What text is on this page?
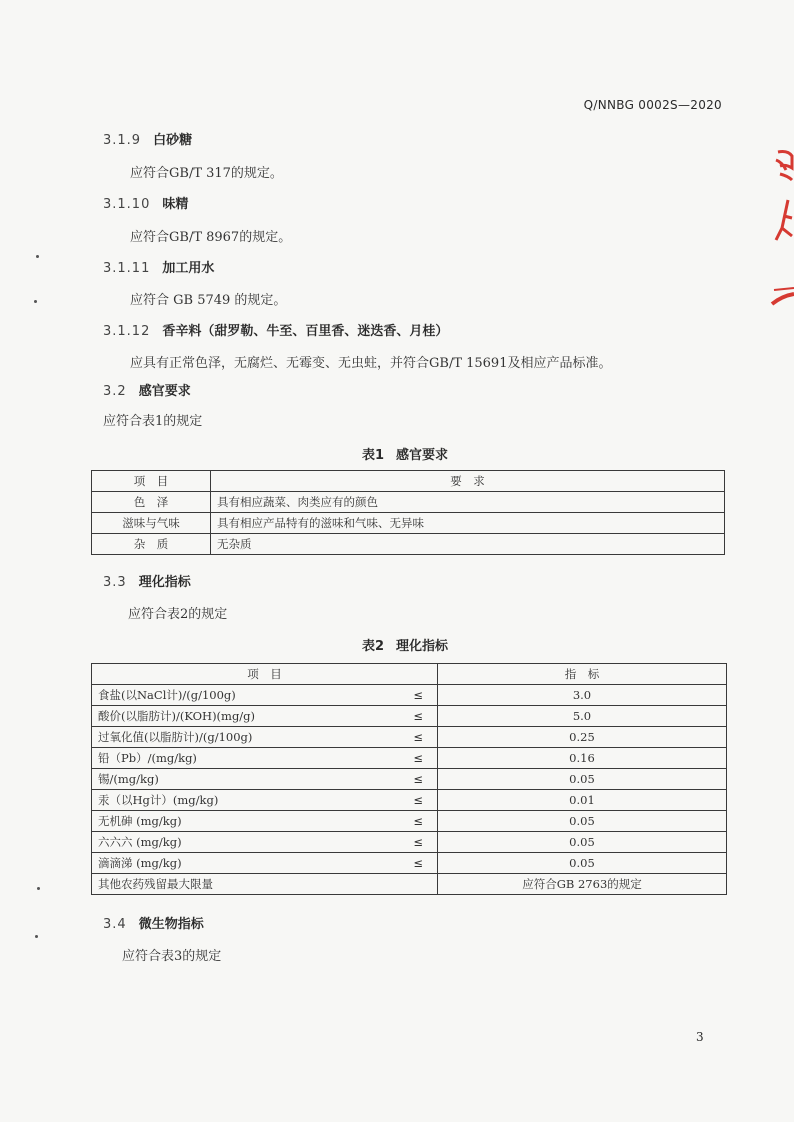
Q/NNBG 0002S—2020
3.1.9 白砂糖
应符合GB/T 317的规定。
3.1.10 味精
应符合GB/T 8967的规定。
3.1.11 加工用水
应符合 GB 5749 的规定。
3.1.12 香辛料（甜罗勒、牛至、百里香、迷迭香、月桂）
应具有正常色泽，无腐烂、无霉变、无虫蛀，并符合GB/T 15691及相应产品标准。
3.2 感官要求
应符合表1的规定
表1 感官要求
项　目	要　求
色　泽	具有相应蔬菜、肉类应有的颜色
滋味与气味	具有相应产品特有的滋味和气味、无异味
杂　质	无杂质
3.3 理化指标
应符合表2的规定
表2 理化指标
项　目		指　标
食盐(以NaCl计)/(g/100g)	≤	3.0
酸价(以脂肪计)/(KOH)(mg/g)	≤	5.0
过氧化值(以脂肪计)/(g/100g)	≤	0.25
铅（Pb）/(mg/kg)	≤	0.16
锡/(mg/kg)	≤	0.05
汞（以Hg计）(mg/kg)	≤	0.01
无机砷 (mg/kg)	≤	0.05
六六六 (mg/kg)	≤	0.05
滴滴涕 (mg/kg)	≤	0.05
其他农药残留最大限量		应符合GB 2763的规定
3.4 微生物指标
应符合表3的规定
3
